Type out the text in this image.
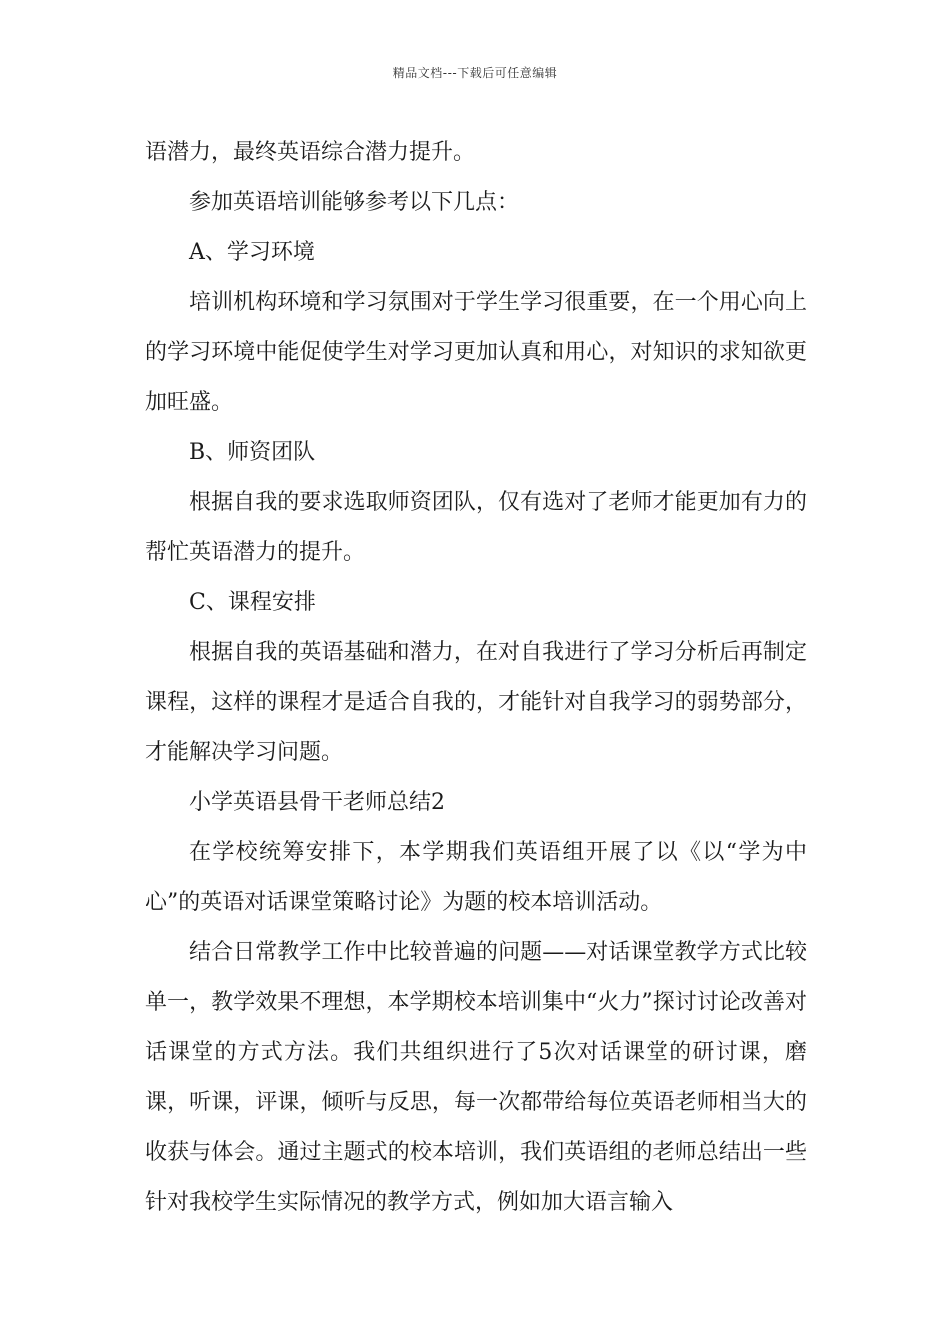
精品文档---下载后可任意编辑

语潜力，最终英语综合潜力提升。

参加英语培训能够参考以下几点：

A、学习环境

培训机构环境和学习氛围对于学生学习很重要，在一个用心向上的学习环境中能促使学生对学习更加认真和用心，对知识的求知欲更加旺盛。

B、师资团队

根据自我的要求选取师资团队，仅有选对了老师才能更加有力的帮忙英语潜力的提升。

C、课程安排

根据自我的英语基础和潜力，在对自我进行了学习分析后再制定课程，这样的课程才是适合自我的，才能针对自我学习的弱势部分，才能解决学习问题。

小学英语县骨干老师总结2

在学校统筹安排下，本学期我们英语组开展了以《以“学为中心”的英语对话课堂策略讨论》为题的校本培训活动。

结合日常教学工作中比较普遍的问题——对话课堂教学方式比较单一，教学效果不理想，本学期校本培训集中“火力”探讨讨论改善对话课堂的方式方法。我们共组织进行了5次对话课堂的研讨课，磨课，听课，评课，倾听与反思，每一次都带给每位英语老师相当大的收获与体会。通过主题式的校本培训，我们英语组的老师总结出一些针对我校学生实际情况的教学方式，例如加大语言输入
